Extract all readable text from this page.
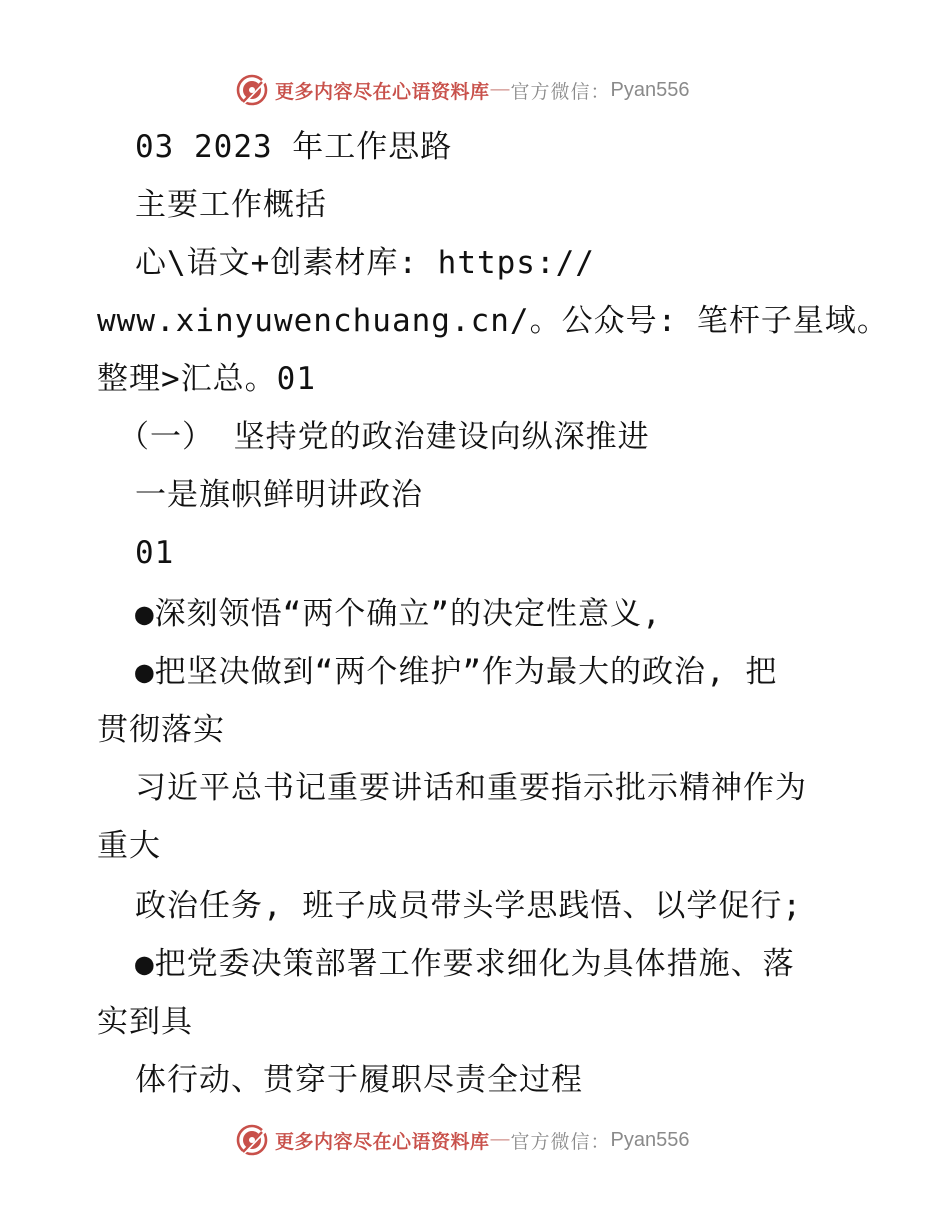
更多内容尽在心语资料库 — 官方微信： Pyan556
03 2023 年工作思路
主要工作概括
心\语文+创素材库: https://
www.xinyuwenchuang.cn/。公众号: 笔杆子星域。
整理>汇总。01
（一） 坚持党的政治建设向纵深推进
一是旗帜鲜明讲政治
01
●深刻领悟“两个确立”的决定性意义,
●把坚决做到“两个维护”作为最大的政治, 把
贯彻落实
习近平总书记重要讲话和重要指示批示精神作为
重大
政治任务, 班子成员带头学思践悟、以学促行;
●把党委决策部署工作要求细化为具体措施、落
实到具
体行动、贯穿于履职尽责全过程
更多内容尽在心语资料库 — 官方微信： Pyan556
